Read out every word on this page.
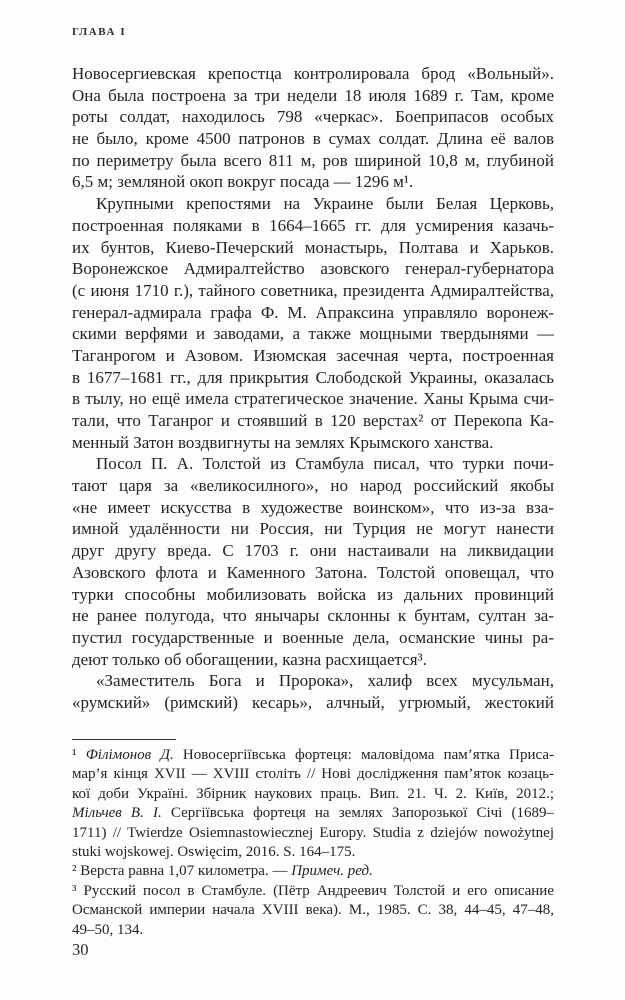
ГЛАВА I
Новосергиевская крепостца контролировала брод «Вольный».
Она была построена за три недели 18 июля 1689 г. Там, кроме
роты солдат, находилось 798 «черкас». Боеприпасов особых
не было, кроме 4500 патронов в сумах солдат. Длина её валов
по периметру была всего 811 м, ров шириной 10,8 м, глубиной
6,5 м; земляной окоп вокруг посада — 1296 м¹.
Крупными крепостями на Украине были Белая Церковь,
построенная поляками в 1664–1665 гг. для усмирения казачь-
их бунтов, Киево-Печерский монастырь, Полтава и Харьков.
Воронежское Адмиралтейство азовского генерал-губернатора
(с июня 1710 г.), тайного советника, президента Адмиралтейства,
генерал-адмирала графа Ф. М. Апраксина управляло воронеж-
скими верфями и заводами, а также мощными твердынями —
Таганрогом и Азовом. Изюмская засечная черта, построенная
в 1677–1681 гг., для прикрытия Слободской Украины, оказалась
в тылу, но ещё имела стратегическое значение. Ханы Крыма счи-
тали, что Таганрог и стоявший в 120 верстах² от Перекопа Ка-
менный Затон воздвигнуты на землях Крымского ханства.
Посол П. А. Толстой из Стамбула писал, что турки почи-
тают царя за «великосилного», но народ российский якобы
«не имеет искусства в художестве воинском», что из-за вза-
имной удалённости ни Россия, ни Турция не могут нанести
друг другу вреда. С 1703 г. они настаивали на ликвидации
Азовского флота и Каменного Затона. Толстой оповещал, что
турки способны мобилизовать войска из дальних провинций
не ранее полугода, что янычары склонны к бунтам, султан за-
пустил государственные и военные дела, османские чины ра-
деют только об обогащении, казна расхищается³.
«Заместитель Бога и Пророка», халиф всех мусульман,
«румский» (римский) кесарь», алчный, угрюмый, жестокий
¹ Філімонов Д. Новосергіївська фортеця: маловідома пам’ятка Приса-
мар’я кінця XVII — XVIII століть // Нові дослідження пам’яток козаць-
кої доби Україні. Збірник наукових праць. Вип. 21. Ч. 2. Київ, 2012.;
Мільчев В. І. Сергіївська фортеця на землях Запорозької Січі (1689–
1711) // Twierdze Osiemnastowiecznej Europy. Studia z dziejów nowożytnej
stuki wojskowej. Oswięcim, 2016. S. 164–175.
² Верста равна 1,07 километра. — Примеч. ред.
³ Русский посол в Стамбуле. (Пётр Андреевич Толстой и его описание
Османской империи начала XVIII века). М., 1985. С. 38, 44–45, 47–48,
49–50, 134.
30
